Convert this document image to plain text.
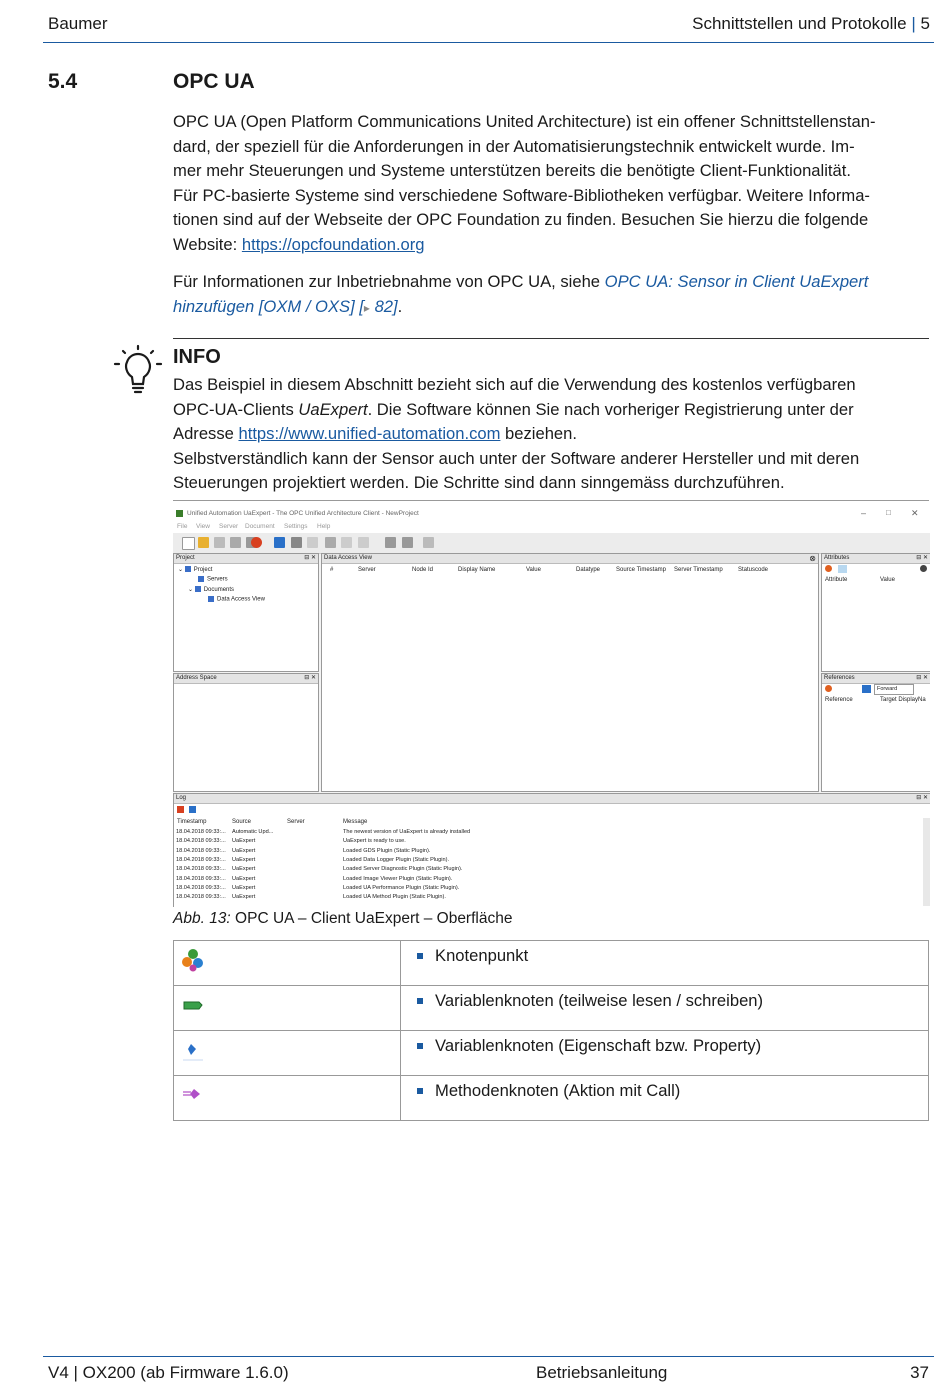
Baumer	Schnittstellen und Protokolle | 5
5.4	OPC UA
OPC UA (Open Platform Communications United Architecture) ist ein offener Schnittstellenstan-
dard, der speziell für die Anforderungen in der Automatisierungstechnik entwickelt wurde. Im-
mer mehr Steuerungen und Systeme unterstützen bereits die benötigte Client-Funktionalität.
Für PC-basierte Systeme sind verschiedene Software-Bibliotheken verfügbar. Weitere Informa-
tionen sind auf der Webseite der OPC Foundation zu finden. Besuchen Sie hierzu die folgende
Website: https://opcfoundation.org
Für Informationen zur Inbetriebnahme von OPC UA, siehe OPC UA: Sensor in Client UaExpert
hinzufügen [OXM / OXS] [▸ 82].
INFO
Das Beispiel in diesem Abschnitt bezieht sich auf die Verwendung des kostenlos verfügbaren
OPC-UA-Clients UaExpert. Die Software können Sie nach vorheriger Registrierung unter der
Adresse https://www.unified-automation.com beziehen.
Selbstverständlich kann der Sensor auch unter der Software anderer Hersteller und mit deren
Steuerungen projektiert werden. Die Schritte sind dann sinngemäss durchzuführen.
Unified Automation UaExpert - The OPC Unified Architecture Client - NewProject	– □ ✕
File View Server Document Settings Help
Project	⊟ ✕
⌄ Project
Servers
⌄ Documents
Data Access View
Address Space	⊟ ✕
Data Access View	⊗
#	Server	Node Id	Display Name	Value	Datatype	Source Timestamp Server Timestamp	Statuscode
Attributes	⊟ ✕
Attribute	Value
References	⊟ ✕
Forward
Reference	Target DisplayNa
Log	⊟ ✕
Timestamp	Source	Server	Message
18.04.2018 09:33:... Automatic Upd...	The newest version of UaExpert is already installed
18.04.2018 09:33:... UaExpert	UaExpert is ready to use.
18.04.2018 09:33:... UaExpert	Loaded GDS Plugin (Static Plugin).
18.04.2018 09:33:... UaExpert	Loaded Data Logger Plugin (Static Plugin).
18.04.2018 09:33:... UaExpert	Loaded Server Diagnostic Plugin (Static Plugin).
18.04.2018 09:33:... UaExpert	Loaded Image Viewer Plugin (Static Plugin).
18.04.2018 09:33:... UaExpert	Loaded UA Performance Plugin (Static Plugin).
18.04.2018 09:33:... UaExpert	Loaded UA Method Plugin (Static Plugin).
Abb. 13: OPC UA – Client UaExpert – Oberfläche
	Knotenpunkt
	Variablenknoten (teilweise lesen / schreiben)
	Variablenknoten (Eigenschaft bzw. Property)
	Methodenknoten (Aktion mit Call)
V4 | OX200 (ab Firmware 1.6.0)	Betriebsanleitung	37
